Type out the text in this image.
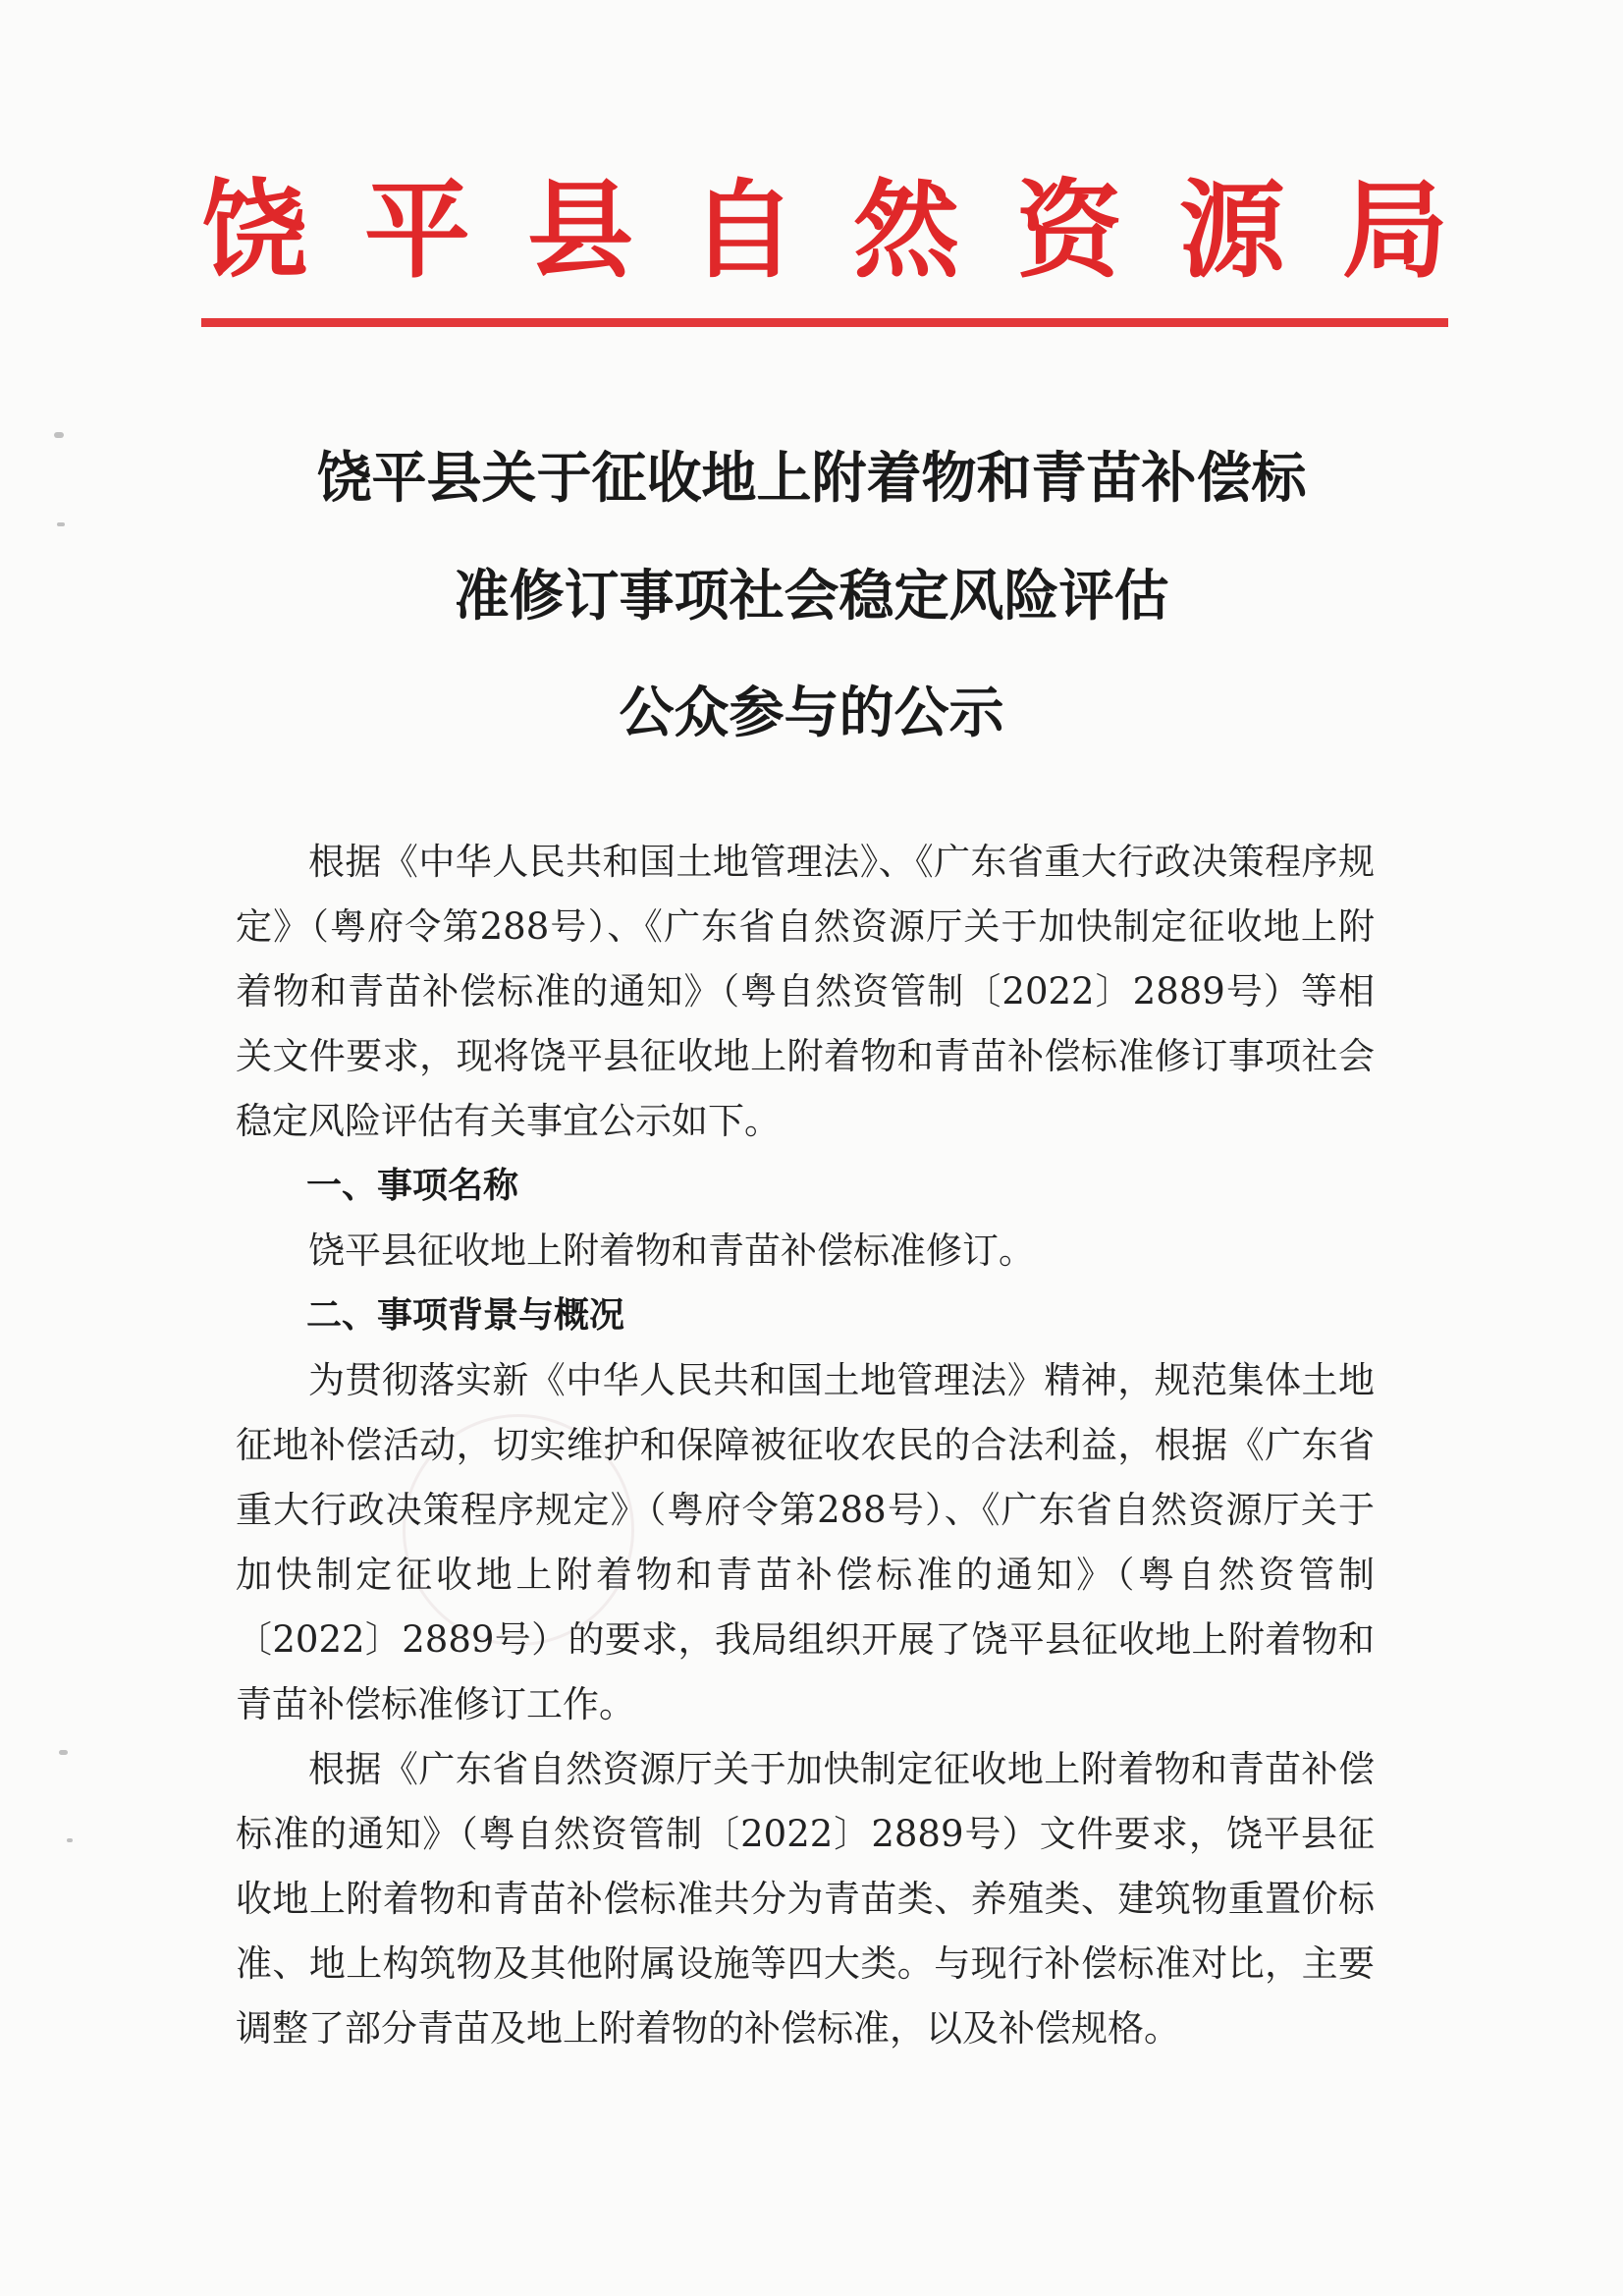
饶 平 县 自 然 资 源 局
饶平县关于征收地上附着物和青苗补偿标
准修订事项社会稳定风险评估
公众参与的公示

根据《中华人民共和国土地管理法》、《广东省重大行政决策程序规定》（粤府令第288号）、《广东省自然资源厅关于加快制定征收地上附着物和青苗补偿标准的通知》（粤自然资管制〔2022〕2889号）等相关文件要求，现将饶平县征收地上附着物和青苗补偿标准修订事项社会稳定风险评估有关事宜公示如下。

一、事项名称

饶平县征收地上附着物和青苗补偿标准修订。

二、事项背景与概况

为贯彻落实新《中华人民共和国土地管理法》精神，规范集体土地征地补偿活动，切实维护和保障被征收农民的合法利益，根据《广东省重大行政决策程序规定》（粤府令第288号）、《广东省自然资源厅关于加快制定征收地上附着物和青苗补偿标准的通知》（粤自然资管制〔2022〕2889号）的要求，我局组织开展了饶平县征收地上附着物和青苗补偿标准修订工作。

根据《广东省自然资源厅关于加快制定征收地上附着物和青苗补偿标准的通知》（粤自然资管制〔2022〕2889号）文件要求，饶平县征收地上附着物和青苗补偿标准共分为青苗类、养殖类、建筑物重置价标准、地上构筑物及其他附属设施等四大类。与现行补偿标准对比，主要调整了部分青苗及地上附着物的补偿标准，以及补偿规格。
